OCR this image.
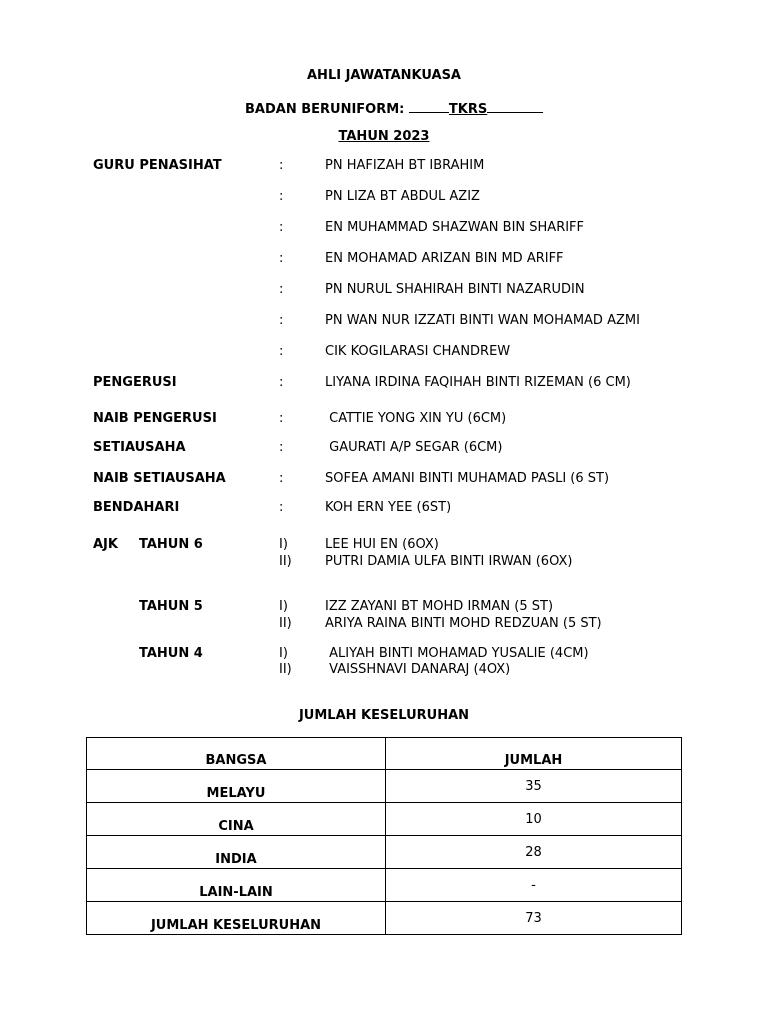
AHLI JAWATANKUASA
BADAN BERUNIFORM:	TKRS
TAHUN 2023
GURU PENASIHAT	:	PN HAFIZAH BT IBRAHIM
:	PN LIZA BT ABDUL AZIZ
:	EN MUHAMMAD SHAZWAN BIN SHARIFF
:	EN MOHAMAD ARIZAN BIN MD ARIFF
:	PN NURUL SHAHIRAH BINTI NAZARUDIN
:	PN WAN NUR IZZATI BINTI WAN MOHAMAD AZMI
:	CIK KOGILARASI CHANDREW
PENGERUSI	:	LIYANA IRDINA FAQIHAH BINTI RIZEMAN (6 CM)
NAIB PENGERUSI	:	CATTIE YONG XIN YU (6CM)
SETIAUSAHA	:	GAURATI A/P SEGAR (6CM)
NAIB SETIAUSAHA	:	SOFEA AMANI BINTI MUHAMAD PASLI (6 ST)
BENDAHARI	:	KOH ERN YEE (6ST)
AJK TAHUN 6	I)	LEE HUI EN (6OX)
II)	PUTRI DAMIA ULFA BINTI IRWAN (6OX)
TAHUN 5	I)	IZZ ZAYANI BT MOHD IRMAN (5 ST)
II)	ARIYA RAINA BINTI MOHD REDZUAN (5 ST)
TAHUN 4	I)	ALIYAH BINTI MOHAMAD YUSALIE (4CM)
II)	VAISSHNAVI DANARAJ (4OX)
JUMLAH KESELURUHAN
BANGSA	JUMLAH

MELAYU	35

CINA	10

INDIA	28

LAIN-LAIN	-

JUMLAH KESELURUHAN	73
